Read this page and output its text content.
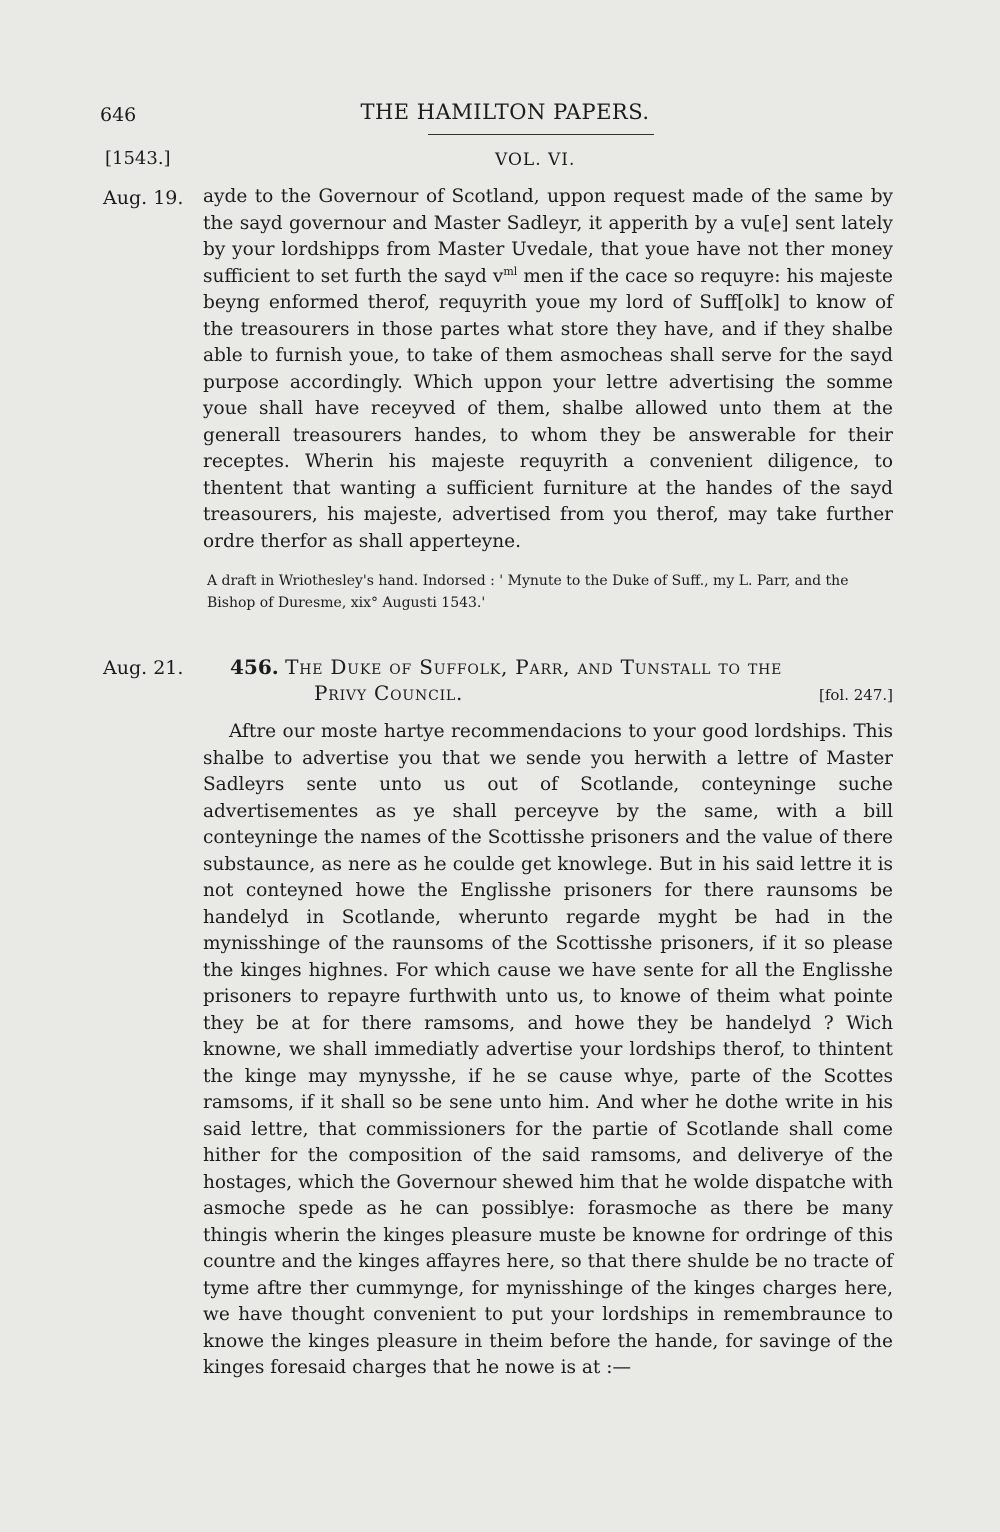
646	THE HAMILTON PAPERS.
[1543.]	VOL. VI.
Aug. 19. ayde to the Governour of Scotland, uppon request made of the same by the sayd governour and Master Sadleyr, it apperith by a vu[e] sent lately by your lordshipps from Master Uvedale, that youe have not ther money sufficient to set furth the sayd $v^{ml}$ men if the cace so requyre: his majeste beyng enformed therof, requyrith youe my lord of Suff[olk] to know of the treasourers in those partes what store they have, and if they shalbe able to furnish youe, to take of them asmocheas shall serve for the sayd purpose accordingly. Which uppon your lettre advertising the somme youe shall have receyved of them, shalbe allowed unto them at the generall treasourers handes, to whom they be answerable for their receptes. Wherin his majeste requyrith a convenient diligence, to thentent that wanting a sufficient furniture at the handes of the sayd treasourers, his majeste, advertised from you therof, may take further ordre therfor as shall apperteyne.

A draft in Wriothesley's hand. Indorsed : ' Mynute to the Duke of Suff., my L. Parr, and the Bishop of Duresme, xix° Augusti 1543.'

Aug. 21. 456. The Duke of Suffolk, Parr, and Tunstall to the
Privy Council.	[fol. 247.]

Aftre our moste hartye recommendacions to your good lordships. This shalbe to advertise you that we sende you herwith a lettre of Master Sadleyrs sente unto us out of Scotlande, conteyninge suche advertisementes as ye shall perceyve by the same, with a bill conteyninge the names of the Scottisshe prisoners and the value of there substaunce, as nere as he coulde get knowlege. But in his said lettre it is not conteyned howe the Englisshe prisoners for there raunsoms be handelyd in Scotlande, wherunto regarde myght be had in the mynisshinge of the raunsoms of the Scottisshe prisoners, if it so please the kinges highnes. For which cause we have sente for all the Englisshe prisoners to repayre furthwith unto us, to knowe of theim what pointe they be at for there ramsoms, and howe they be handelyd ? Wich knowne, we shall immediatly advertise your lordships therof, to thintent the kinge may mynysshe, if he se cause whye, parte of the Scottes ramsoms, if it shall so be sene unto him. And wher he dothe write in his said lettre, that commissioners for the partie of Scotlande shall come hither for the composition of the said ramsoms, and deliverye of the hostages, which the Governour shewed him that he wolde dispatche with asmoche spede as he can possiblye: forasmoche as there be many thingis wherin the kinges pleasure muste be knowne for ordringe of this countre and the kinges affayres here, so that there shulde be no tracte of tyme aftre ther cummynge, for mynisshinge of the kinges charges here, we have thought convenient to put your lordships in remembraunce to knowe the kinges pleasure in theim before the hande, for savinge of the kinges foresaid charges that he nowe is at :—
